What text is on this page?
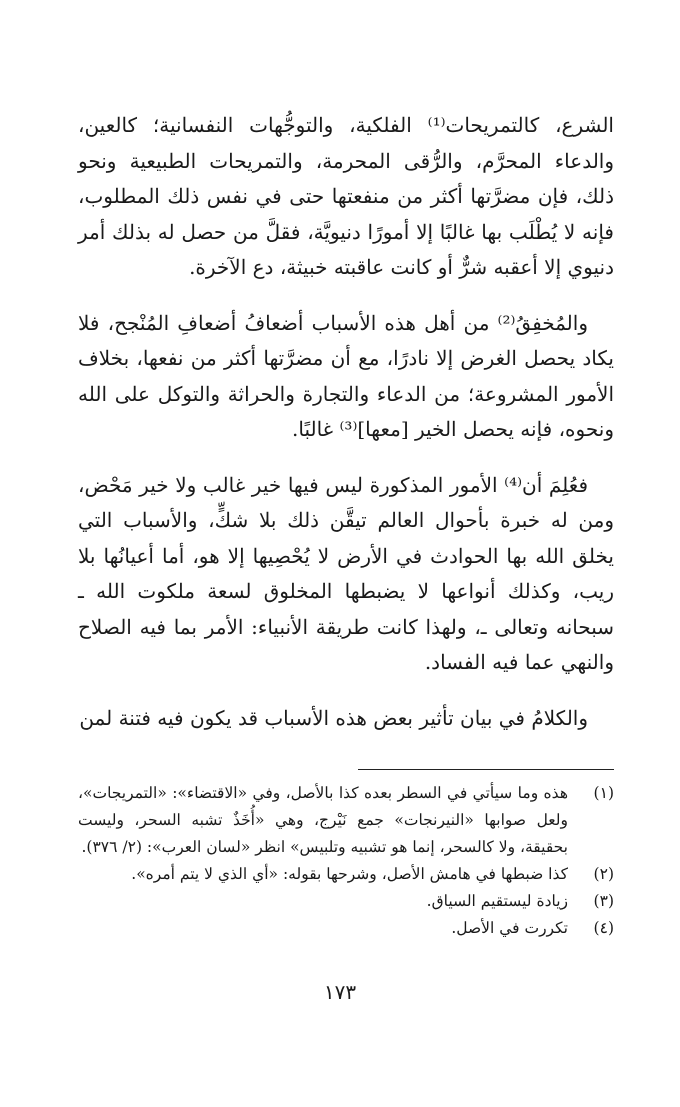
الشرع، كالتمريحات⁽¹⁾ الفلكية، والتوجُّهات النفسانية؛ كالعين، والدعاء المحرَّم، والرُّقى المحرمة، والتمريحات الطبيعية ونحو ذلك، فإن مضرَّتها أكثر من منفعتها حتى في نفس ذلك المطلوب، فإنه لا يُطْلَب بها غالبًا إلا أمورًا دنيويَّة، فقلَّ من حصل له بذلك أمر دنيوي إلا أعقبه شرٌّ أو كانت عاقبته خبيثة، دع الآخرة.

والمُخفِقُ⁽²⁾ من أهل هذه الأسباب أضعافُ أضعافِ المُنْجح، فلا يكاد يحصل الغرض إلا نادرًا، مع أن مضرَّتها أكثر من نفعها، بخلاف الأمور المشروعة؛ من الدعاء والتجارة والحراثة والتوكل على الله ونحوه، فإنه يحصل الخير [معها]⁽³⁾ غالبًا.

فعُلِمَ أن⁽⁴⁾ الأمور المذكورة ليس فيها خير غالب ولا خير مَحْض، ومن له خبرة بأحوال العالم تيقَّن ذلك بلا شكٍّ، والأسباب التي يخلق الله بها الحوادث في الأرض لا يُحْصِيها إلا هو، أما أعيانُها بلا ريب، وكذلك أنواعها لا يضبطها المخلوق لسعة ملكوت الله ـ سبحانه وتعالى ـ، ولهذا كانت طريقة الأنبياء: الأمر بما فيه الصلاح والنهي عما فيه الفساد.

والكلامُ في بيان تأثير بعض هذه الأسباب قد يكون فيه فتنة لمن

(١)
هذه وما سيأتي في السطر بعده كذا بالأصل، وفي «الاقتضاء»: «التمريجات»، ولعل صوابها «النيرنجات» جمع نَيْرج، وهي «أُخَذٌ تشبه السحر، وليست بحقيقة، ولا كالسحر، إنما هو تشبيه وتلبيس» انظر «لسان العرب»: (٢/ ٣٧٦).
(٢)
كذا ضبطها في هامش الأصل، وشرحها بقوله: «أي الذي لا يتم أمره».
(٣)
زيادة ليستقيم السياق.
(٤)
تكررت في الأصل.
١٧٣
